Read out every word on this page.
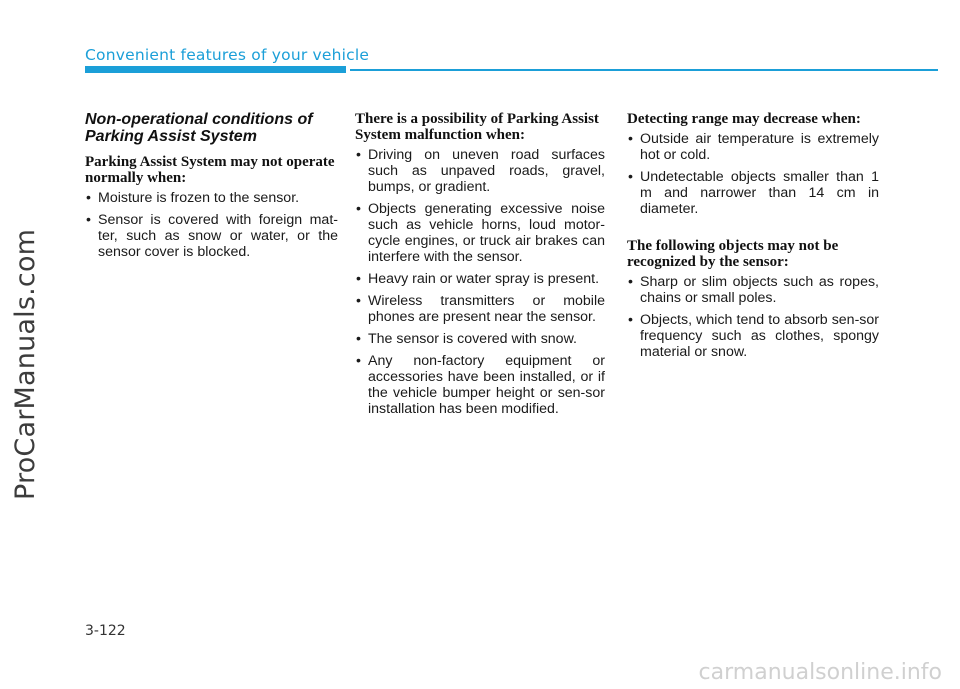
ProCarManuals.com
Convenient features of your vehicle
Non-operational conditions of Parking Assist System
Parking Assist System may not operate normally when:
• Moisture is frozen to the sensor.
• Sensor is covered with foreign mat-ter, such as snow or water, or the sensor cover is blocked.
There is a possibility of Parking Assist System malfunction when:
• Driving on uneven road surfaces such as unpaved roads, gravel, bumps, or gradient.
• Objects generating excessive noise such as vehicle horns, loud motor-cycle engines, or truck air brakes can interfere with the sensor.
• Heavy rain or water spray is present.
• Wireless transmitters or mobile phones are present near the sensor.
• The sensor is covered with snow.
• Any non-factory equipment or accessories have been installed, or if the vehicle bumper height or sen-sor installation has been modified.
Detecting range may decrease when:
• Outside air temperature is extremely hot or cold.
• Undetectable objects smaller than 1 m and narrower than 14 cm in diameter.
The following objects may not be recognized by the sensor:
• Sharp or slim objects such as ropes, chains or small poles.
• Objects, which tend to absorb sen-sor frequency such as clothes, spongy material or snow.
3-122
carmanualsonline.info
